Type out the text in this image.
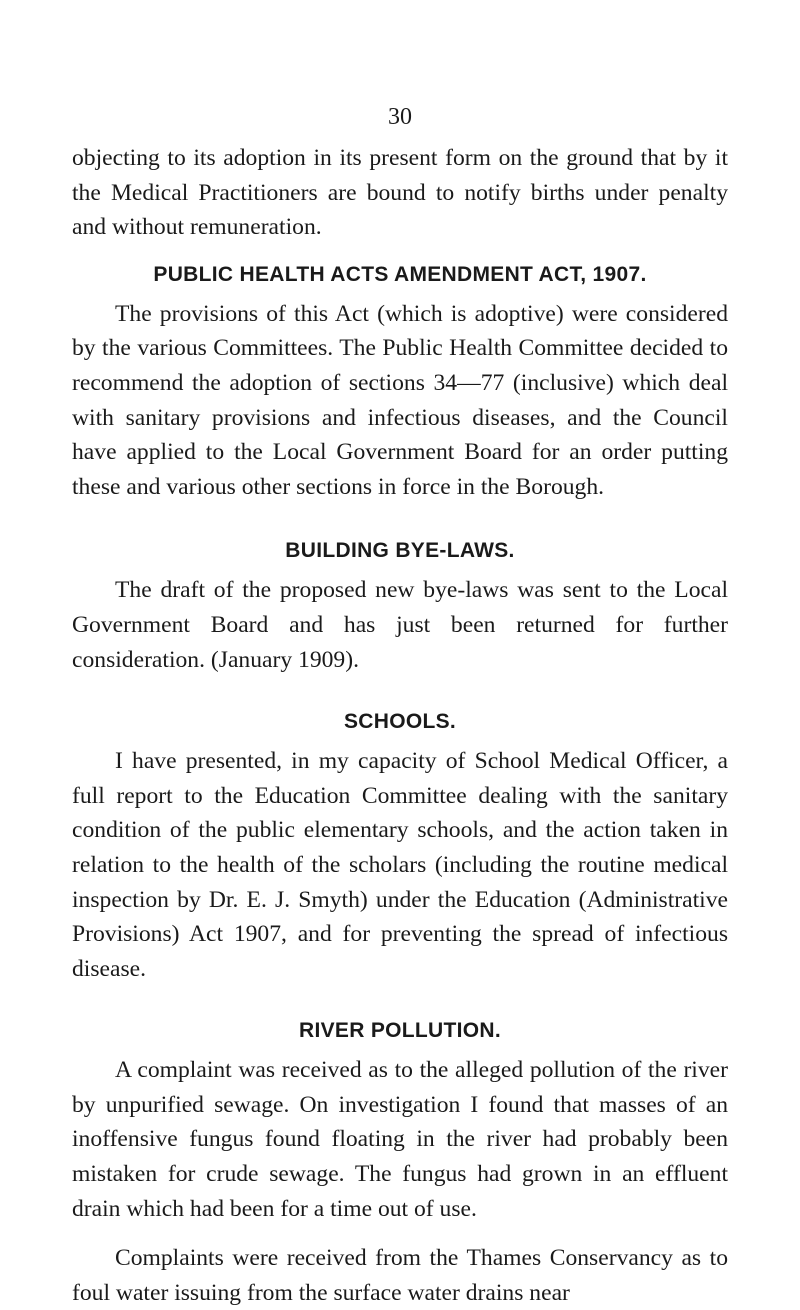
30

objecting to its adoption in its present form on the ground that by it the Medical Practitioners are bound to notify births under penalty and without remuneration.

PUBLIC HEALTH ACTS AMENDMENT ACT, 1907.

The provisions of this Act (which is adoptive) were considered by the various Committees. The Public Health Committee decided to recommend the adoption of sections 34—77 (inclusive) which deal with sanitary provisions and infectious diseases, and the Council have applied to the Local Government Board for an order putting these and various other sections in force in the Borough.

BUILDING BYE-LAWS.

The draft of the proposed new bye-laws was sent to the Local Government Board and has just been returned for further consideration. (January 1909).

SCHOOLS.

I have presented, in my capacity of School Medical Officer, a full report to the Education Committee dealing with the sanitary condition of the public elementary schools, and the action taken in relation to the health of the scholars (including the routine medical inspection by Dr. E. J. Smyth) under the Education (Administrative Provisions) Act 1907, and for preventing the spread of infectious disease.

RIVER POLLUTION.

A complaint was received as to the alleged pollution of the river by unpurified sewage. On investigation I found that masses of an inoffensive fungus found floating in the river had probably been mistaken for crude sewage. The fungus had grown in an effluent drain which had been for a time out of use.

Complaints were received from the Thames Conservancy as to foul water issuing from the surface water drains near
